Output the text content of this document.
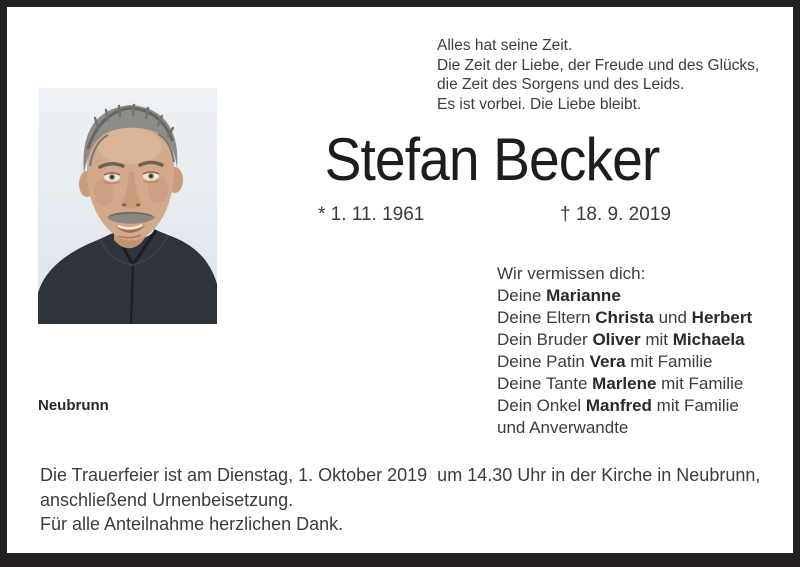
Alles hat seine Zeit.
Die Zeit der Liebe, der Freude und des Glücks,
die Zeit des Sorgens und des Leids.
Es ist vorbei. Die Liebe bleibt.
Stefan Becker
* 1. 11. 1961	† 18. 9. 2019
Wir vermissen dich:
Deine Marianne
Deine Eltern Christa und Herbert
Dein Bruder Oliver mit Michaela
Deine Patin Vera mit Familie
Deine Tante Marlene mit Familie
Dein Onkel Manfred mit Familie
und Anverwandte
Neubrunn
Die Trauerfeier ist am Dienstag, 1. Oktober 2019  um 14.30 Uhr in der Kirche in Neubrunn,
anschließend Urnenbeisetzung.
Für alle Anteilnahme herzlichen Dank.
